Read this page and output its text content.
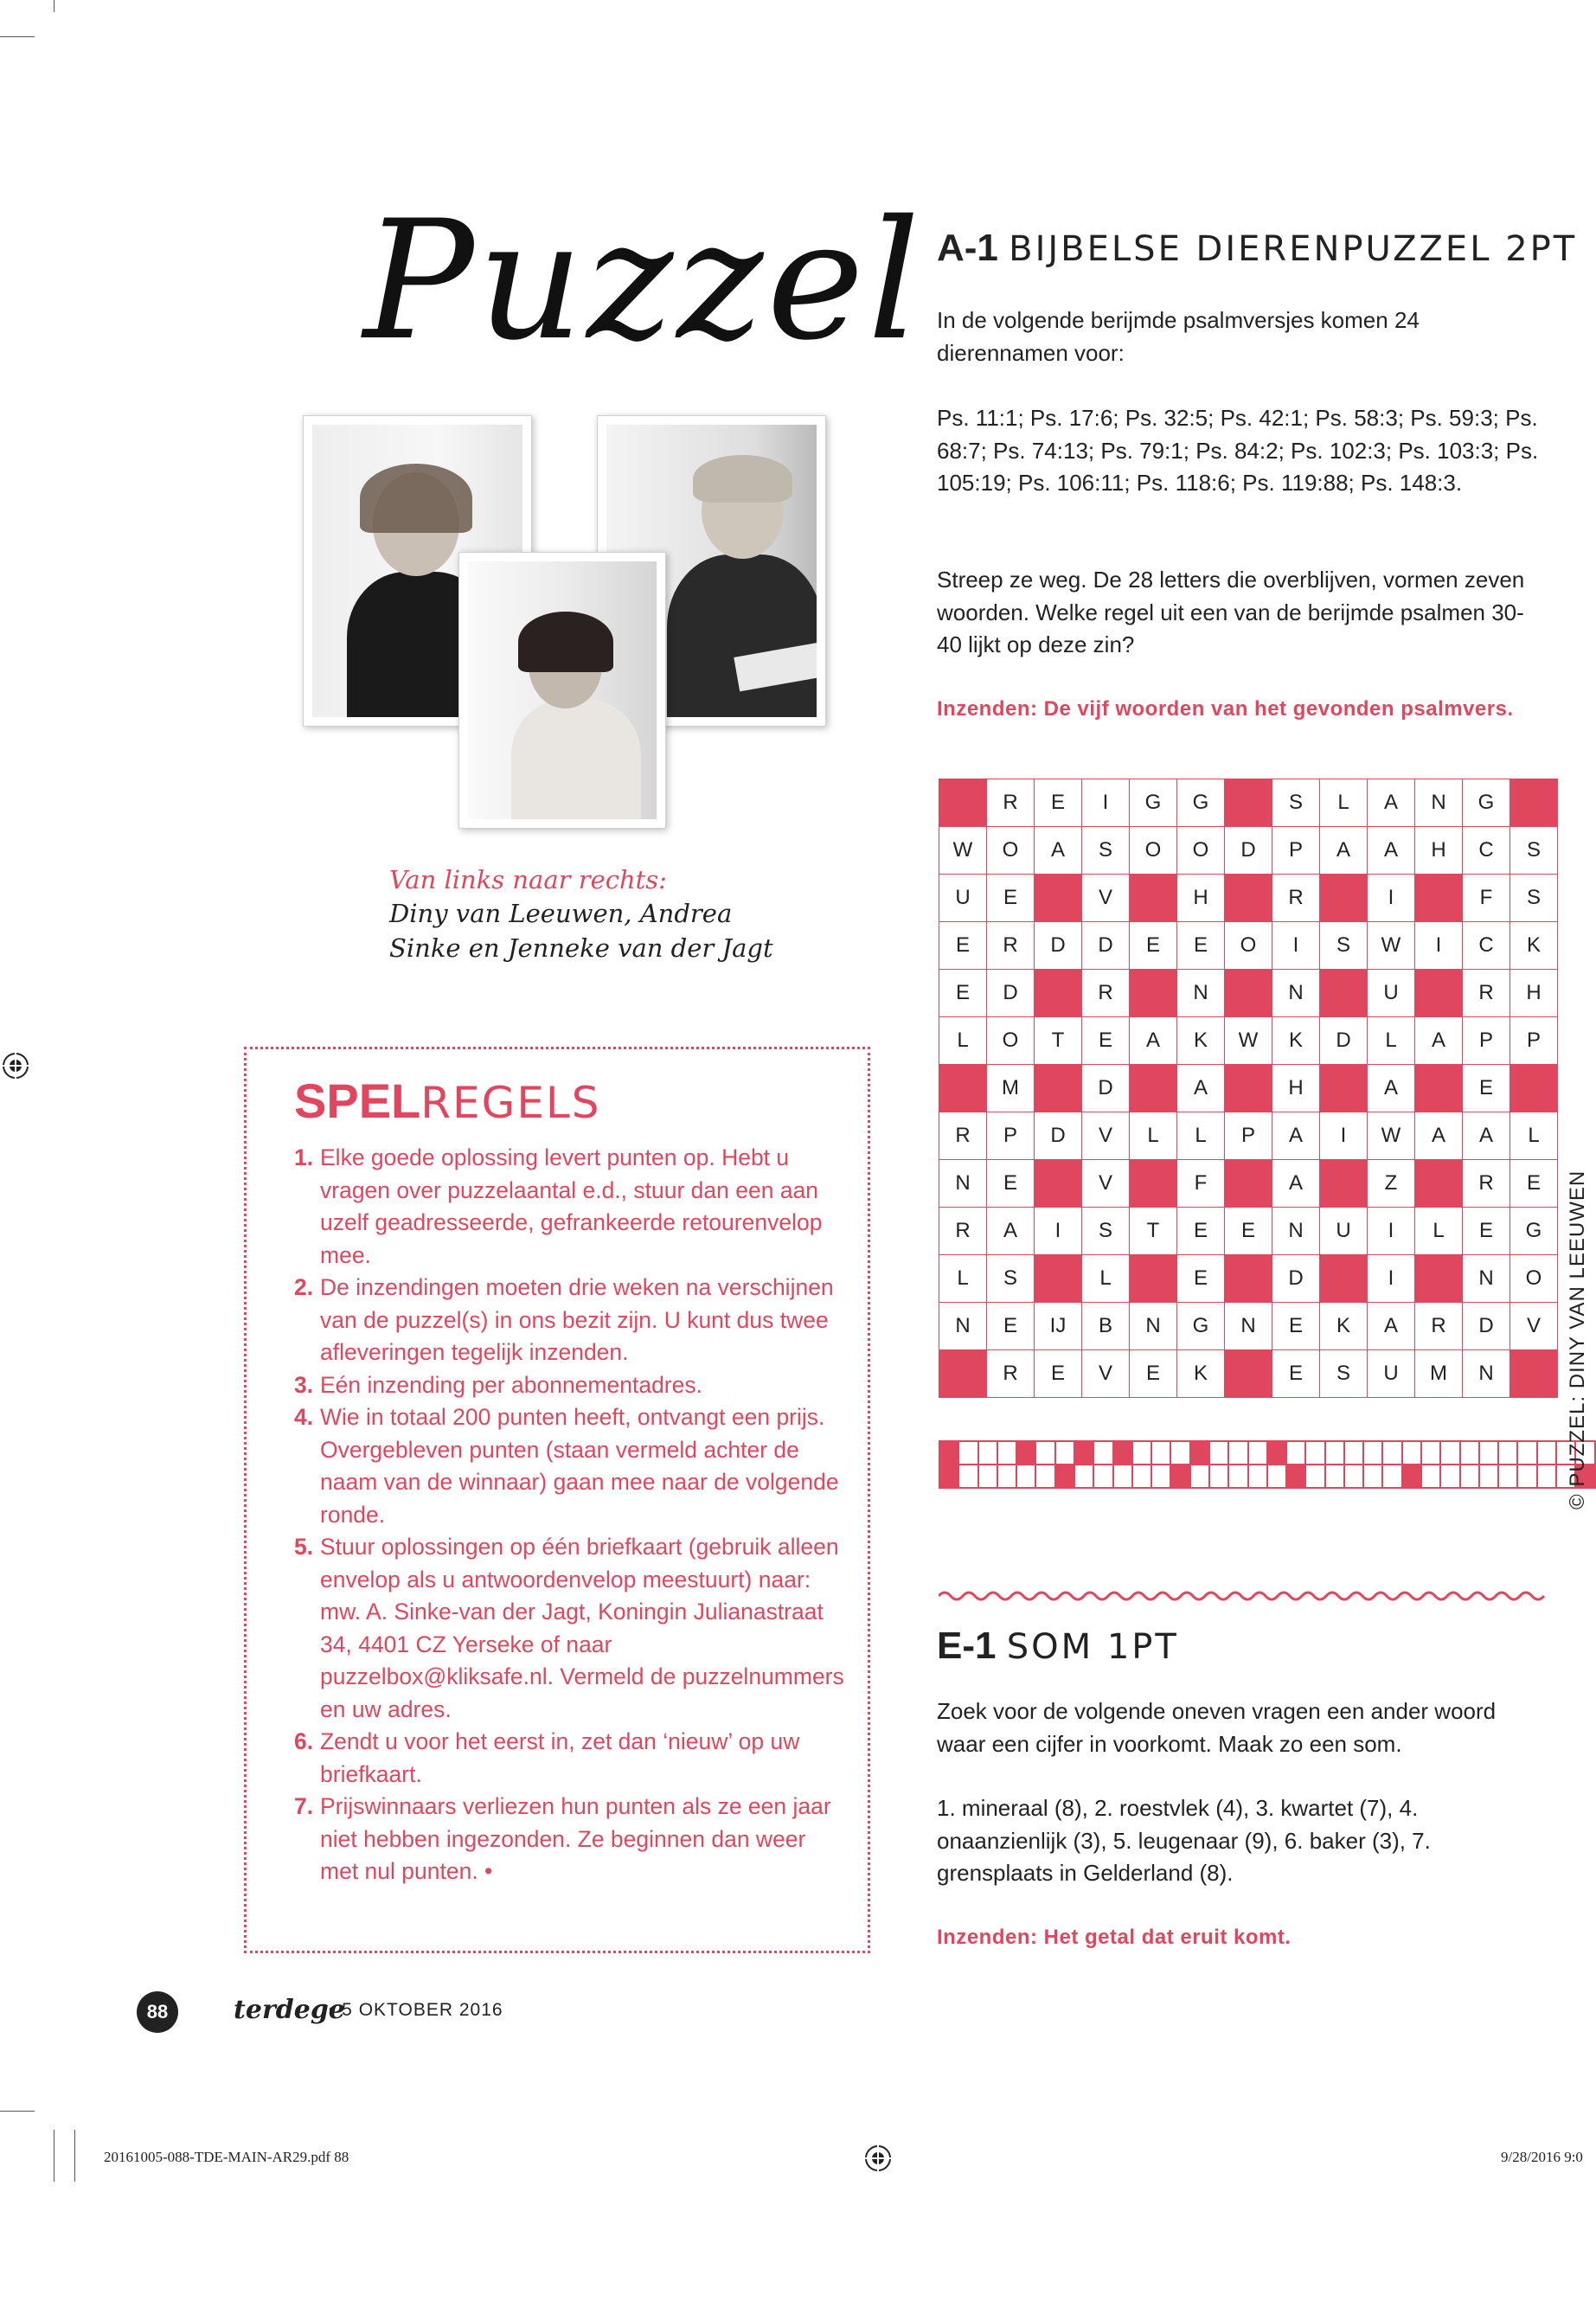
Puzzel
Van links naar rechts:
Diny van Leeuwen, Andrea Sinke en Jenneke van der Jagt
SPELREGELS
1. Elke goede oplossing levert punten op. Hebt u vragen over puzzelaantal e.d., stuur dan een aan uzelf geadresseerde, gefrankeerde retourenvelop mee.
2. De inzendingen moeten drie weken na verschijnen van de puzzel(s) in ons bezit zijn. U kunt dus twee afleveringen tegelijk inzenden.
3. Eén inzending per abonnementadres.
4. Wie in totaal 200 punten heeft, ontvangt een prijs. Overgebleven punten (staan vermeld achter de naam van de winnaar) gaan mee naar de volgende ronde.
5. Stuur oplossingen op één briefkaart (gebruik alleen envelop als u antwoordenvelop meestuurt) naar: mw. A. Sinke-van der Jagt, Koningin Julianastraat 34, 4401 CZ Yerseke of naar puzzelbox@kliksafe.nl. Vermeld de puzzelnummers en uw adres.
6. Zendt u voor het eerst in, zet dan ‘nieuw’ op uw briefkaart.
7. Prijswinnaars verliezen hun punten als ze een jaar niet hebben ingezonden. Ze beginnen dan weer met nul punten. •
88	terdege
• 5 OKTOBER 2016
20161005-088-TDE-MAIN-AR29.pdf 88	9/28/2016 9:0
A-1 BIJBELSE DIERENPUZZEL 2PT

In de volgende berijmde psalmversjes komen 24 dierennamen voor:

Ps. 11:1; Ps. 17:6; Ps. 32:5; Ps. 42:1; Ps. 58:3; Ps. 59:3; Ps. 68:7; Ps. 74:13; Ps. 79:1; Ps. 84:2; Ps. 102:3; Ps. 103:3; Ps. 105:19; Ps. 106:11; Ps. 118:6; Ps. 119:88; Ps. 148:3.

Streep ze weg. De 28 letters die overblijven, vormen zeven woorden. Welke regel uit een van de berijmde psalmen 30-40 lijkt op deze zin?

Inzenden: De vijf woorden van het gevonden psalmvers.
	R	E	I	G	G		S	L	A	N	G	
W	O	A	S	O	O	D	P	A	A	H	C	S
U	E		V		H		R		I		F	S
E	R	D	D	E	E	O	I	S	W	I	C	K
E	D		R		N		N		U		R	H
L	O	T	E	A	K	W	K	D	L	A	P	P
	M		D		A		H		A		E	
R	P	D	V	L	L	P	A	I	W	A	A	L
N	E		V		F		A		Z		R	E
R	A	I	S	T	E	E	N	U	I	L	E	G
L	S		L		E		D		I		N	O
N	E	IJ	B	N	G	N	E	K	A	R	D	V
	R	E	V	E	K		E	S	U	M	N	

E-1 SOM 1PT

Zoek voor de volgende oneven vragen een ander woord waar een cijfer in voorkomt. Maak zo een som.

1. mineraal (8), 2. roestvlek (4), 3. kwartet (7), 4. onaanzienlijk (3), 5. leugenaar (9), 6. baker (3), 7. grensplaats in Gelderland (8).

Inzenden: Het getal dat eruit komt.
© PUZZEL: DINY VAN LEEUWEN
